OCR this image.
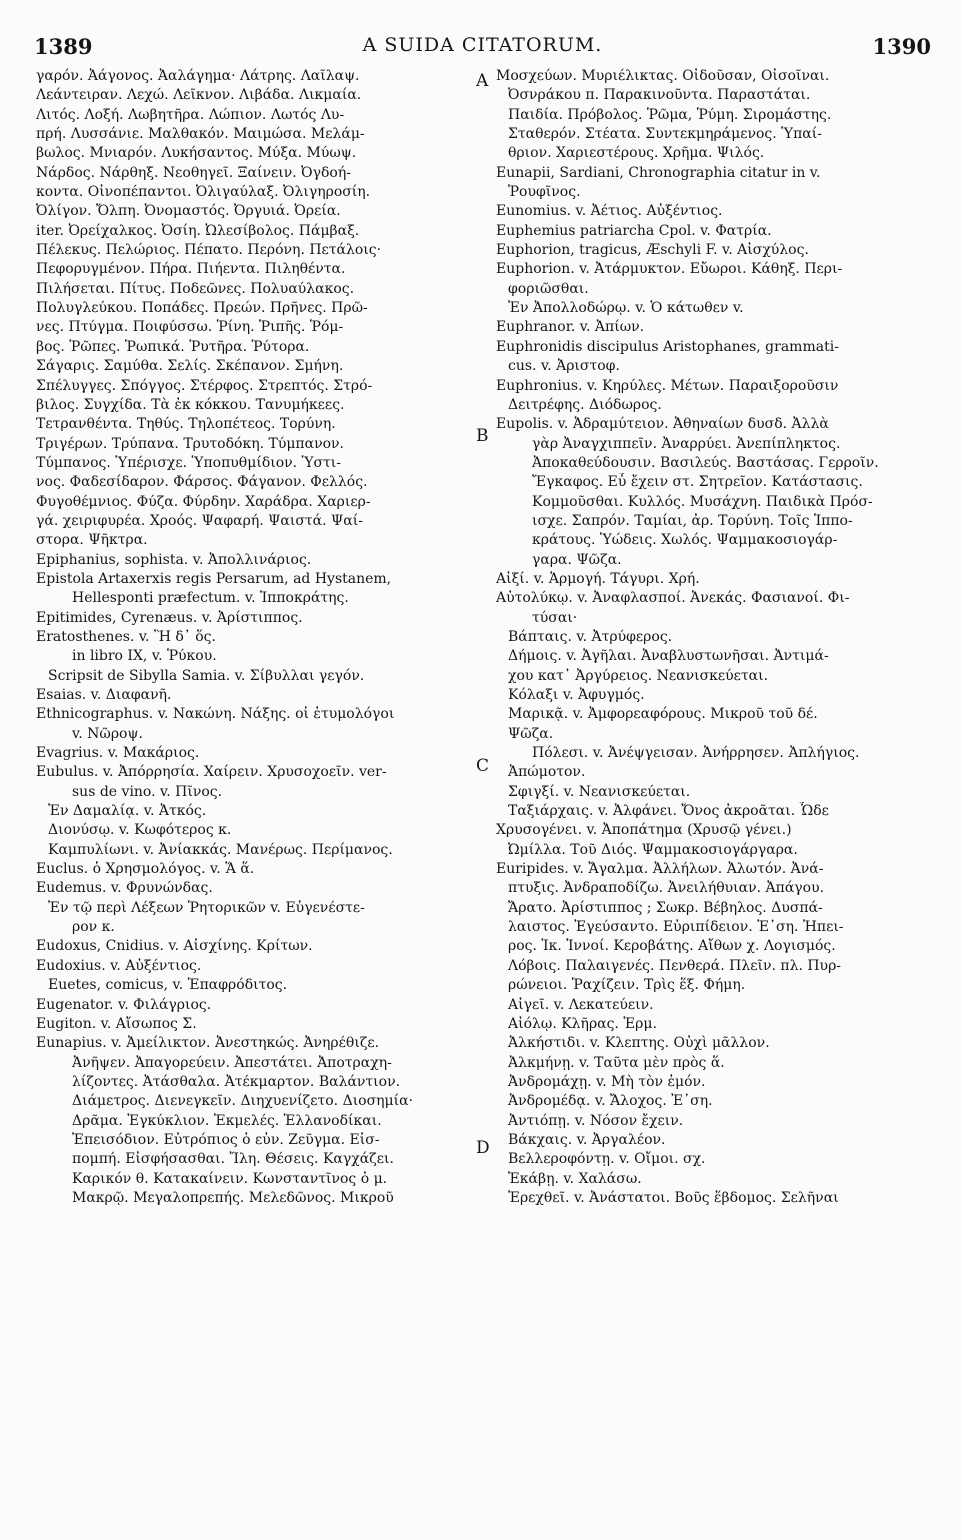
A SUIDA CITATORUM.
1389	1390
γαρόν. Ἀάγονος. Ἀαλάγημα· Λάτρης. Λαῖλαψ.
Λεάντειραν. Λεχώ. Λεῖκνον. Λιβάδα. Λικμαία.
Λιτός. Λοξή. Λωβητῆρα. Λώπιον. Λωτός Λυ-
πρή. Λυσσάνιε. Μαλθακόν. Μαιμώσα. Μελάμ-
βωλος. Μνιαρόν. Λυκήσαντος. Μύξα. Μύωψ.
Νάρδος. Νάρθηξ. Νεοθηγεῖ. Ξαίνειν. Ὀγδοή-
κοντα. Οἰνοπέπαντοι. Ὀλιγαύλαξ. Ὀλιγηροσίη.
Ὀλίγον. Ὄλπη. Ὀνομαστός. Ὀργυιά. Ὀρεία.
iter. Ὀρείχαλκος. Ὀσίη. Ὠλεσίβολος. Πάμβαξ.
Πέλεκυς. Πελώριος. Πέπατο. Περόνη. Πετάλοις·
Πεφορυγμένον. Πήρα. Πιήεντα. Πιληθέντα.
Πιλήσεται. Πίτυς. Ποδεῶνες. Πολυαύλακος.
Πολυγλεύκου. Ποπάδες. Πρεών. Πρῆνες. Πρῶ-
νες. Πτύγμα. Ποιφύσσω. Ῥίνη. Ῥιπῆς. Ῥόμ-
βος. Ῥῶπες. Ῥωπικά. Ῥυτῆρα. Ῥύτορα.
Σάγαρις. Σαμύθα. Σελίς. Σκέπανον. Σμήνη.
Σπέλυγγες. Σπόγγος. Στέρφος. Στρεπτός. Στρό-
βιλος. Συγχίδα. Τὰ ἐκ κόκκου. Τανυμήκεες.
Τετρανθέντα. Τηθύς. Τηλοπέτεος. Τορύνη.
Τριγέρων. Τρύπανα. Τρυτοδόκη. Τύμπανον.
Τύμπανος. Ὑπέρισχε. Ὑποπυθμίδιον. Ὑστι-
νος. Φαδεσίδαρον. Φάρσος. Φάγανον. Φελλός.
Φυγοθέμνιος. Φύζα. Φύρδην. Χαράδρα. Χαριερ-
γά. χειριφυρέα. Χροός. Ψαφαρή. Ψαιστά. Ψαί-
στορα. Ψῆκτρα.
Epiphanius, sophista. v. Ἀπολλινάριος.
Epistola Artaxerxis regis Persarum, ad Hystanem,
Hellesponti præfectum. v. Ἱπποκράτης.
Epitimides, Cyrenæus. v. Ἀρίστιππος.
Eratosthenes. v. Ἢ δ᾽ ὅς.
in libro IX, v. Ῥύκου.
Scripsit de Sibylla Samia. v. Σίβυλλαι γεγόν.
Esaias. v. Διαφανῆ.
Ethnicographus. v. Νακώνη. Νάξης. οἱ ἐτυμολόγοι
v. Νῶροψ.
Evagrius. v. Μακάριος.
Eubulus. v. Ἀπόρρησία. Χαίρειν. Χρυσοχοεῖν. ver-
sus de vino. v. Πῖνος.
Ἐν Δαμαλίᾳ. v. Ἀτκός.
Διονύσῳ. v. Κωφότερος κ.
Καμπυλίωνι. v. Ἀνίακκάς. Μανέρως. Περίμανος.
Euclus. ὁ Χρησμολόγος. v. Ἅ ἅ.
Eudemus. v. Φρυνώνδας.
Ἐν τῷ περὶ Λέξεων Ῥητορικῶν v. Εὐγενέστε-
ρον κ.
Eudoxus, Cnidius. v. Αἰσχίνης. Κρίτων.
Eudoxius. v. Αὐξέντιος.
Euetes, comicus, v. Ἐπαφρόδιτος.
Eugenator. v. Φιλάγριος.
Eugiton. v. Αἴσωπος Σ.
Eunapius. v. Ἀμείλικτον. Ἀνεστηκώς. Ἀνηρέθιζε.
Ἀνῆψεν. Ἀπαγορεύειν. Ἀπεστάτει. Ἀποτραχη-
λίζοντες. Ἀτάσθαλα. Ἀτέκμαρτον. Βαλάντιον.
Διάμετρος. Διενεγκεῖν. Διηχυενίζετο. Διοσημία·
Δρᾶμα. Ἐγκύκλιον. Ἐκμελές. Ἑλλανοδίκαι.
Ἐπεισόδιον. Εὐτρόπιος ὁ εὐν. Ζεῦγμα. Εἰσ-
πομπή. Εἰσφήσασθαι. Ἴλη. Θέσεις. Καγχάζει.
Καρικόν θ. Κατακαίνειν. Κωνσταντῖνος ὁ μ.
Μακρῷ. Μεγαλοπρεπής. Μελεδῶνος. Μικροῦ
Μοσχεύων. Μυριέλικτας. Οἰδοῦσαν, Οἰσοῖναι.
Ὀσνράκου π. Παρακινοῦντα. Παραστάται.
Παιδία. Πρόβολος. Ῥῶμα, Ῥύμη. Σιρομάστης.
Σταθερόν. Στέατα. Συντεκμηράμενος. Ὑπαί-
θριον. Χαριεστέρους. Χρῆμα. Ψιλός.
Eunapii, Sardiani, Chronographia citatur in v.
Ῥουφῖνος.
Eunomius. v. Ἀέτιος. Αὐξέντιος.
Euphemius patriarcha Cpol. v. Φατρία.
Euphorion, tragicus, Æschyli F. v. Αἰσχύλος.
Euphorion. v. Ἀτάρμυκτον. Εὔωροι. Κάθηξ. Περι-
φοριῶσθαι.
Ἐν Ἀπολλοδώρῳ. v. Ὁ κάτωθεν v.
Euphranor. v. Ἀπίων.
Euphronidis discipulus Aristophanes, grammati-
cus. v. Ἀριστοφ.
Euphronius. v. Κηρύλες. Μέτων. Παραιξοροῦσιν
Δειτρέφης. Διόδωρος.
Eupolis. v. Ἀδραμύτειον. Ἀθηναίων δυσδ. Ἀλλὰ
γὰρ Ἀναγχιππεῖν. Ἀναρρύει. Ἀνεπίπληκτος.
Ἀποκαθεύδουσιν. Βασιλεύς. Βαστάσας. Γερροῖν.
Ἔγκαφος. Εὖ ἔχειν στ. Σητρεῖον. Κατάστασις.
Κομμοῦσθαι. Κυλλός. Μυσάχνη. Παιδικὰ Πρόσ-
ισχε. Σαπρόν. Ταμίαι, ἀρ. Τορύνη. Τοῖς Ἱππο-
κράτους. Ὑώδεις. Χωλός. Ψαμμακοσιογάρ-
γαρα. Ψῶζα.
Αἰξί. v. Ἁρμογή. Τάγυρι. Χρή.
Αὐτολύκῳ. v. Ἀναφλασποί. Ἀνεκάς. Φασιανοί. Φι-
τύσαι·
Βάπταις. v. Ἀτρύφερος.
Δήμοις. v. Ἀγῆλαι. Ἀναβλυστωνῆσαι. Ἀντιμά-
χου κατ᾽ Ἀργύρειος. Νεανισκεύεται.
Κόλαξι v. Ἀφυγμός.
Μαρικᾷ. v. Ἀμφορεαφόρους. Μικροῦ τοῦ δέ.
Ψῶζα.
Πόλεσι. v. Ἀνέψγεισαν. Ἀνήρρησεν. Ἀπλήγιος.
Ἀπώμοτον.
Σφιγξί. v. Νεανισκεύεται.
Ταξιάρχαις. v. Ἀλφάνει. Ὄνος ἀκροᾶται. Ὧδε
Χρυσογένει. v. Ἀποπάτημα (Χρυσῷ γένει.)
Ὠμίλλα. Τοῦ Διός. Ψαμμακοσιογάργαρα.
Euripides. v. Ἄγαλμα. Ἀλλήλων. Ἀλωτόν. Ἀνά-
πτυξις. Ἀνδραποδίζω. Ἀνειλήθυιαν. Ἀπάγου.
Ἄρατο. Ἀρίστιππος ; Σωκρ. Βέβηλος. Δυσπά-
λαιστος. Ἐγεύσαντο. Εὐριπίδειον. Ἐ᾽ση. Ἠπει-
ρος. Ἱκ. Ἰννοί. Κεροβάτης. Αἴθων χ. Λογισμός.
Λόβοις. Παλαιγενές. Πενθερά. Πλεῖν. πλ. Πυρ-
ρώνειοι. Ῥαχίζειν. Τρὶς ἕξ. Φήμη.
Αἰγεῖ. v. Λεκατεύειν.
Αἰόλῳ. Κλῆρας. Ἑρμ.
Ἀλκήστιδι. v. Κλεπτης. Οὐχὶ μᾶλλον.
Ἀλκμήνῃ. v. Ταῦτα μὲν πρὸς ἅ.
Ἀνδρομάχῃ. v. Μὴ τὸν ἐμόν.
Ἀνδρομέδᾳ. v. Ἄλοχος. Ἐ᾽ση.
Ἀντιόπῃ. v. Νόσον ἔχειν.
Βάκχαις. v. Ἀργαλέον.
Βελλεροφόντῃ. v. Οἴμοι. σχ.
Ἑκάβῃ. v. Χαλάσω.
Ἐρεχθεῖ. v. Ἀνάστατοι. Βοῦς ἕβδομος. Σελῆναι
A
B
C
D
